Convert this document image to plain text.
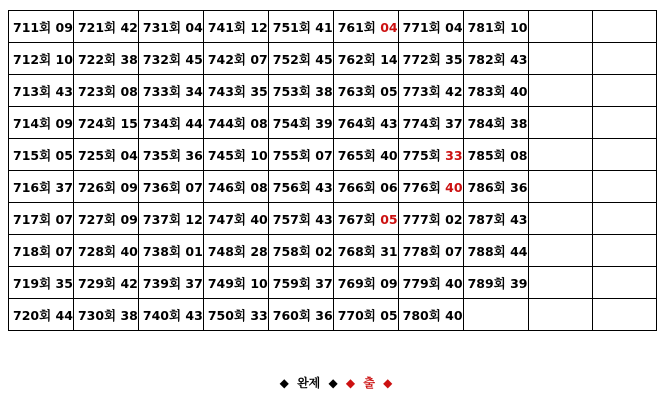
711회 09	721회 42	731회 04	741회 12	751회 41	761회 04	771회 04	781회 10		
712회 10	722회 38	732회 45	742회 07	752회 45	762회 14	772회 35	782회 43		
713회 43	723회 08	733회 34	743회 35	753회 38	763회 05	773회 42	783회 40		
714회 09	724회 15	734회 44	744회 08	754회 39	764회 43	774회 37	784회 38		
715회 05	725회 04	735회 36	745회 10	755회 07	765회 40	775회 33	785회 08		
716회 37	726회 09	736회 07	746회 08	756회 43	766회 06	776회 40	786회 36		
717회 07	727회 09	737회 12	747회 40	757회 43	767회 05	777회 02	787회 43		
718회 07	728회 40	738회 01	748회 28	758회 02	768회 31	778회 07	788회 44		
719회 35	729회 42	739회 37	749회 10	759회 37	769회 09	779회 40	789회 39		
720회 44	730회 38	740회 43	750회 33	760회 36	770회 05	780회 40			
◆ 완제 ◆ ◆ 출 ◆
